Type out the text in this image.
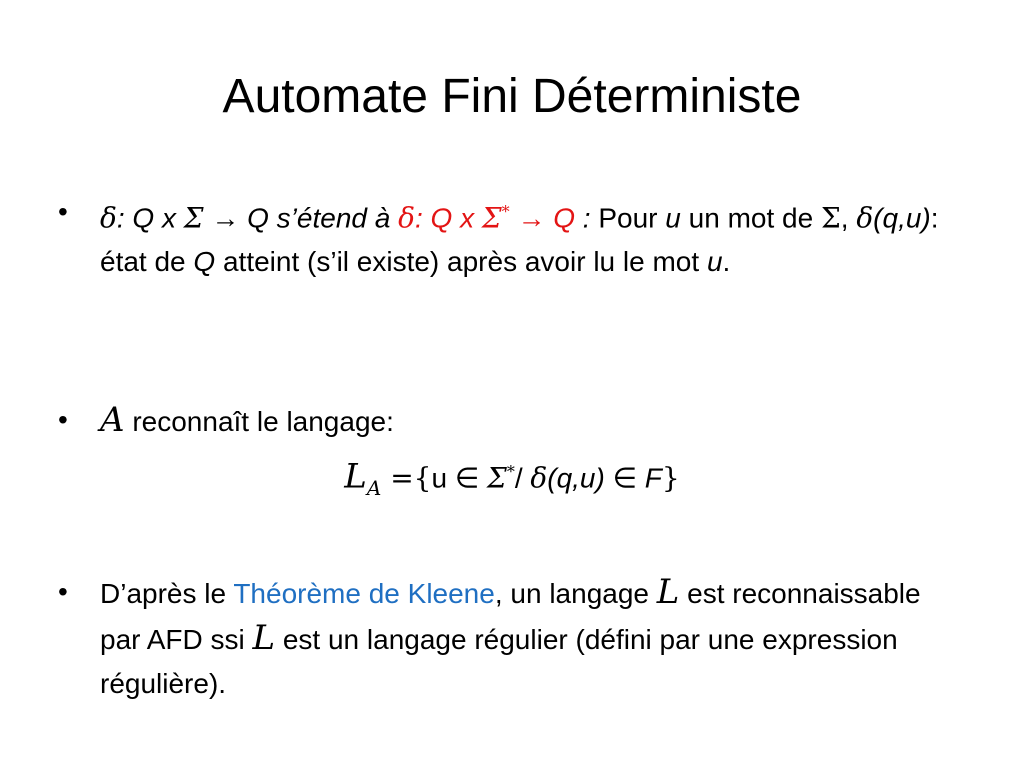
Automate Fini Déterministe
•	δ: Q x Σ → Q s’étend à δ: Q x Σ* → Q : Pour u un mot de Σ, δ(q,u): état de Q atteint (s’il existe) après avoir lu le mot u.
• A reconnaît le langage:
$L_A =\{u$ ∈ Σ*/ δ(q,u) ∈ F}
•	D’après le Théorème de Kleene, un langage L est reconnaissable par AFD ssi L est un langage régulier (défini par une expression régulière).
